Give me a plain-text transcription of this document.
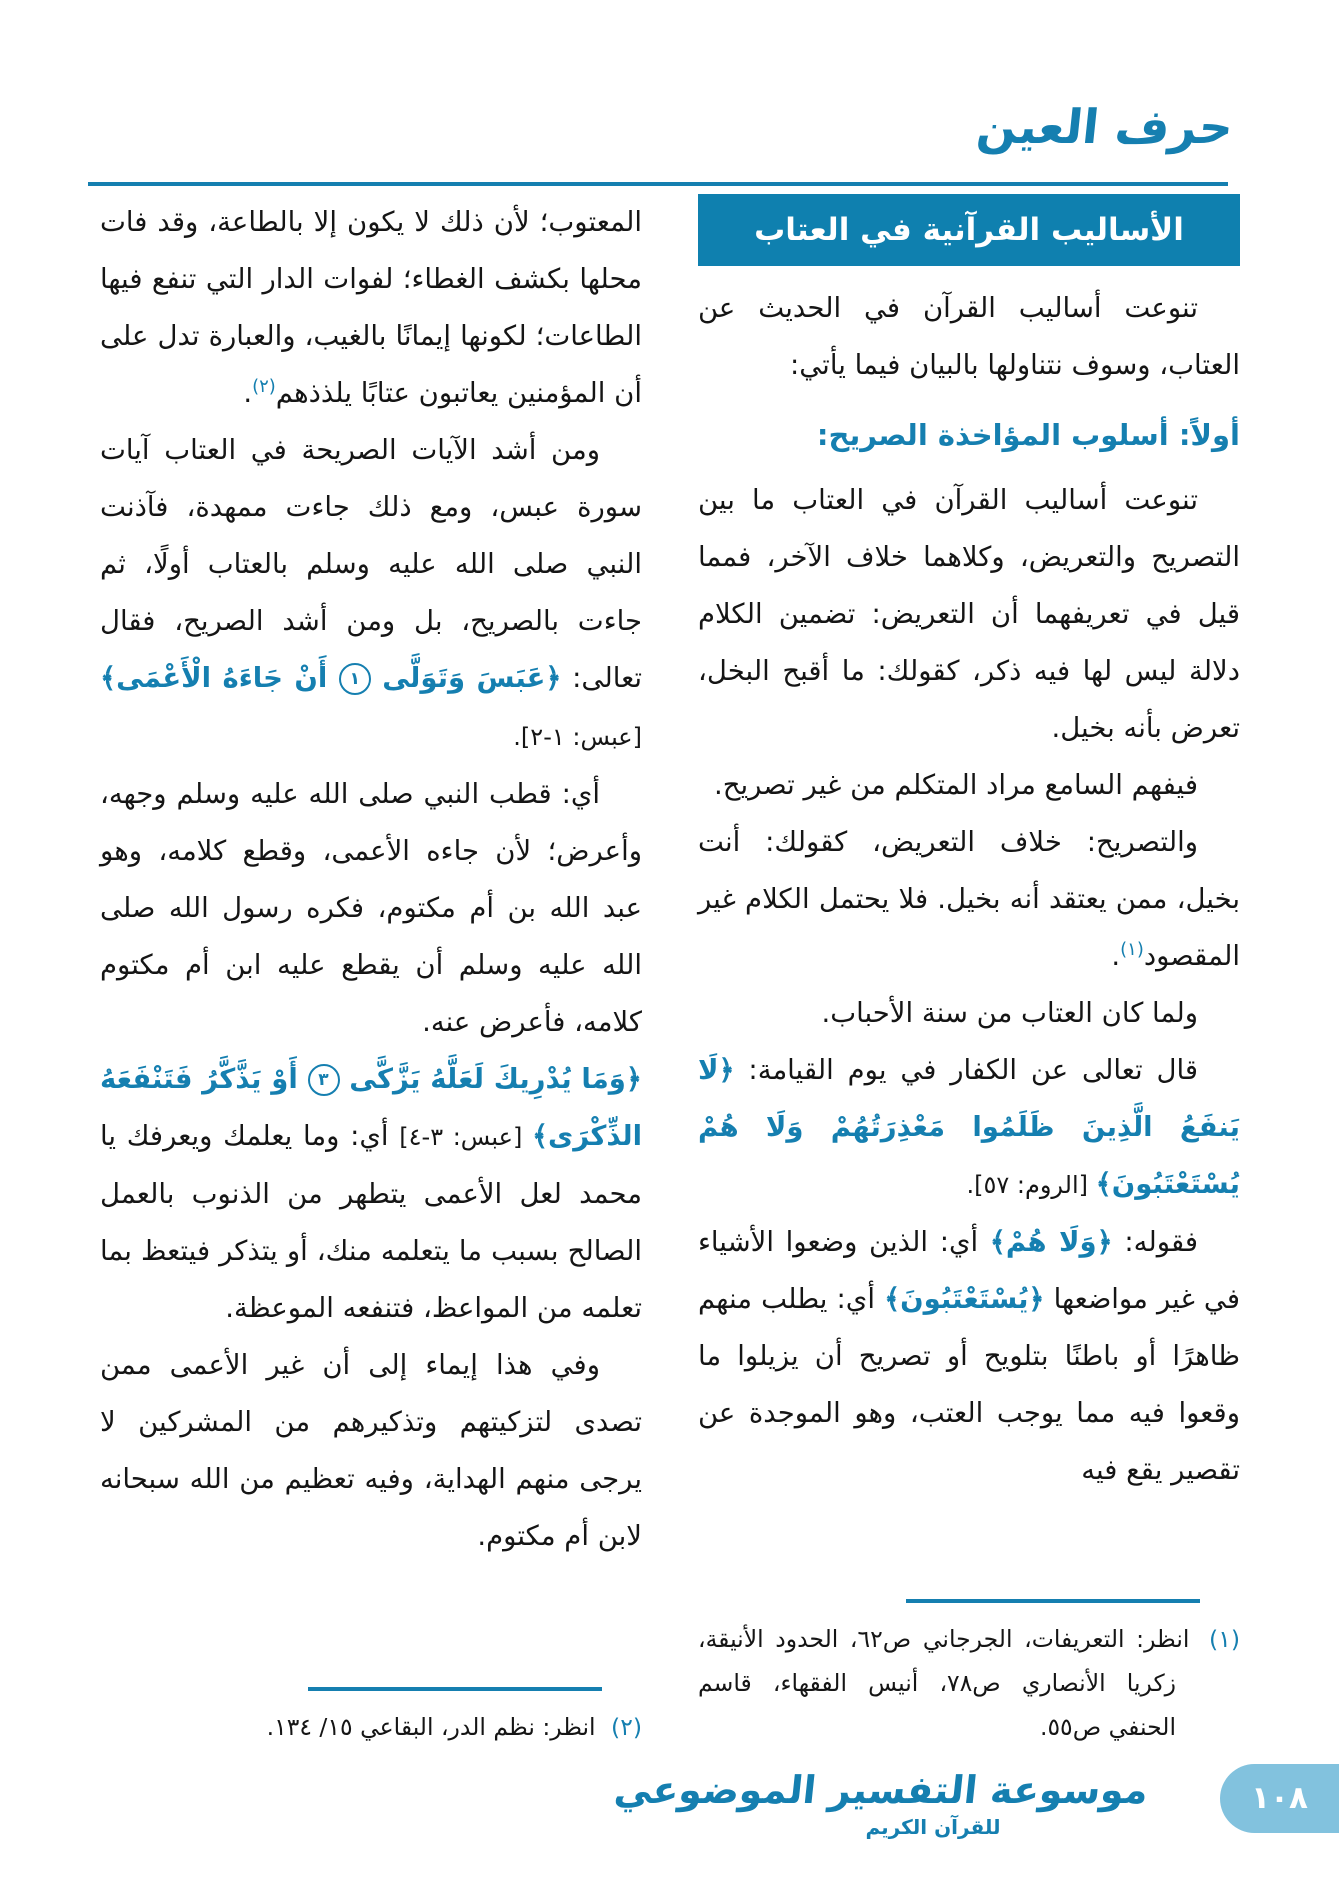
حرف العين
الأساليب القرآنية في العتاب

تنوعت أساليب القرآن في الحديث عن العتاب، وسوف نتناولها بالبيان فيما يأتي:

أولاً: أسلوب المؤاخذة الصريح:

تنوعت أساليب القرآن في العتاب ما بين التصريح والتعريض، وكلاهما خلاف الآخر، فمما قيل في تعريفهما أن التعريض: تضمين الكلام دلالة ليس لها فيه ذكر، كقولك: ما أقبح البخل، تعرض بأنه بخيل.

فيفهم السامع مراد المتكلم من غير تصريح.

والتصريح: خلاف التعريض، كقولك: أنت بخيل، ممن يعتقد أنه بخيل. فلا يحتمل الكلام غير المقصود$^{(١)}$.

ولما كان العتاب من سنة الأحباب.

قال تعالى عن الكفار في يوم القيامة: ﴿لَا يَنفَعُ الَّذِينَ ظَلَمُوا مَعْذِرَتُهُمْ وَلَا هُمْ يُسْتَعْتَبُونَ﴾ [الروم: ٥٧].

فقوله: ﴿وَلَا هُمْ﴾ أي: الذين وضعوا الأشياء في غير مواضعها ﴿يُسْتَعْتَبُونَ﴾ أي: يطلب منهم ظاهرًا أو باطنًا بتلويح أو تصريح أن يزيلوا ما وقعوا فيه مما يوجب العتب، وهو الموجدة عن تقصير يقع فيه

(١) انظر: التعريفات، الجرجاني ص٦٢، الحدود الأنيقة، زكريا الأنصاري ص٧٨، أنيس الفقهاء، قاسم الحنفي ص٥٥.

المعتوب؛ لأن ذلك لا يكون إلا بالطاعة، وقد فات محلها بكشف الغطاء؛ لفوات الدار التي تنفع فيها الطاعات؛ لكونها إيمانًا بالغيب، والعبارة تدل على أن المؤمنين يعاتبون عتابًا يلذذهم$^{(٢)}$.

ومن أشد الآيات الصريحة في العتاب آيات سورة عبس، ومع ذلك جاءت ممهدة، فآذنت النبي صلى الله عليه وسلم بالعتاب أولًا، ثم جاءت بالصريح، بل ومن أشد الصريح، فقال تعالى: ﴿عَبَسَ وَتَوَلَّى ١ أَنْ جَاءَهُ الْأَعْمَى﴾ [عبس: ١-٢].

أي: قطب النبي صلى الله عليه وسلم وجهه، وأعرض؛ لأن جاءه الأعمى، وقطع كلامه، وهو عبد الله بن أم مكتوم، فكره رسول الله صلى الله عليه وسلم أن يقطع عليه ابن أم مكتوم كلامه، فأعرض عنه.

﴿وَمَا يُدْرِيكَ لَعَلَّهُ يَزَّكَّى ٣ أَوْ يَذَّكَّرُ فَتَنْفَعَهُ الذِّكْرَى﴾ [عبس: ٣-٤] أي: وما يعلمك ويعرفك يا محمد لعل الأعمى يتطهر من الذنوب بالعمل الصالح بسبب ما يتعلمه منك، أو يتذكر فيتعظ بما تعلمه من المواعظ، فتنفعه الموعظة.

وفي هذا إيماء إلى أن غير الأعمى ممن تصدى لتزكيتهم وتذكيرهم من المشركين لا يرجى منهم الهداية، وفيه تعظيم من الله سبحانه لابن أم مكتوم.

(٢) انظر: نظم الدر، البقاعي ١٥/ ١٣٤.

موسوعة التفسير الموضوعي
للقرآن الكريم
١٠٨
